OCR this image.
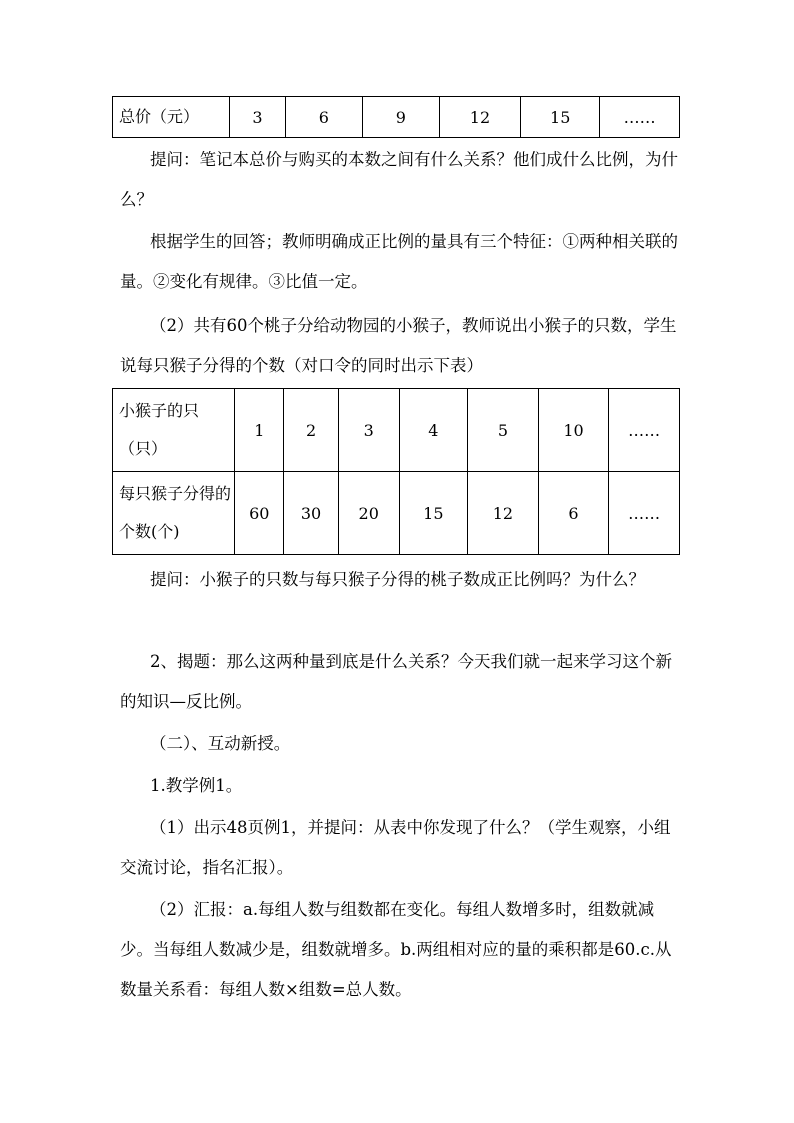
总价（元）	3	6	9	12	15	……

提问：笔记本总价与购买的本数之间有什么关系？他们成什么比例，为什么？

根据学生的回答；教师明确成正比例的量具有三个特征：①两种相关联的量。②变化有规律。③比值一定。

（2）共有60个桃子分给动物园的小猴子，教师说出小猴子的只数，学生说每只猴子分得的个数（对口令的同时出示下表）

小猴子的只（只）	1	2	3	4	5	10	……
每只猴子分得的个数(个)	60	30	20	15	12	6	……

提问：小猴子的只数与每只猴子分得的桃子数成正比例吗？为什么？

2、揭题：那么这两种量到底是什么关系？今天我们就一起来学习这个新的知识—反比例。

（二）、互动新授。

1.教学例1。

（1）出示48页例1，并提问：从表中你发现了什么？（学生观察，小组交流讨论，指名汇报）。

（2）汇报：a.每组人数与组数都在变化。每组人数增多时，组数就减少。当每组人数减少是，组数就增多。b.两组相对应的量的乘积都是60.c.从数量关系看：每组人数×组数=总人数。
